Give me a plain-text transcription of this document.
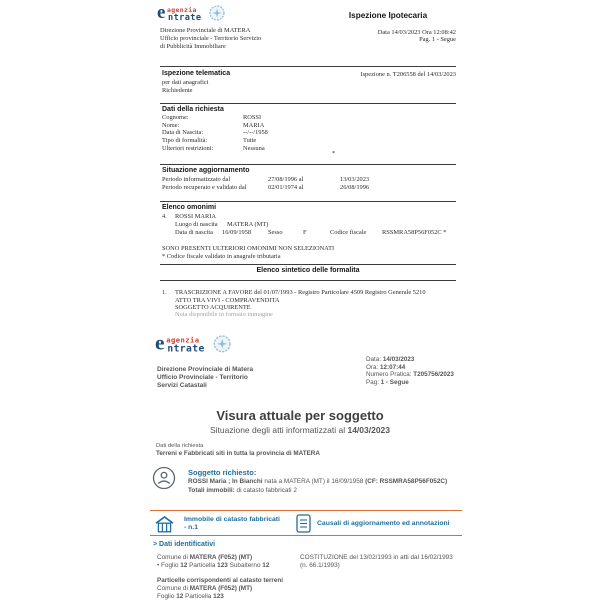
e agenzia
ntrate	Ispezione Ipotecaria
Direzione Provinciale di MATERA
Ufficio provinciale - Territorio Servizio
di Pubblicità Immobiliare
Data 14/03/2023 Ora 12:08:42
Pag. 1 - Segue
Ispezione telematica	Ispezione n. T206558 del 14/03/2023
per dati anagrafici
Richiedente
Dati della richiesta
Cognome:	ROSSI
Nome:	MARIA
Data di Nascita:	--/--/1958
Tipo di formalità:	Tutte
Ulteriori restrizioni:	Nessuna
*
Situazione aggiornamento
Periodo informatizzato dal	27/08/1996 al	13/03/2023
Periodo recuperato e validato dal	02/01/1974 al	26/08/1996
Elenco omonimi
4. ROSSI MARIA
Luogo di nascita MATERA (MT)
Data di nascita 16/09/1958	Sesso	F	Codice fiscale RSSMRA58P56F052C *
SONO PRESENTI ULTERIORI OMONIMI NON SELEZIONATI
* Codice fiscale validato in anagrafe tributaria
Elenco sintetico delle formalita
1. TRASCRIZIONE A FAVORE del 01/07/1993 - Registro Particolare 4509 Registro Generale 5210
ATTO TRA VIVI - COMPRAVENDITA
SOGGETTO ACQUIRENTE
Nota disponibile in formato immagine
e agenzia
ntrate
Direzione Provinciale di Matera
Ufficio Provinciale - Territorio
Servizi Catastali
Data: 14/03/2023
Ora: 12:07:44
Numero Pratica: T205756/2023
Pag: 1 - Segue
Visura attuale per soggetto
Situazione degli atti informatizzati al 14/03/2023
Dati della richiesta
Terreni e Fabbricati siti in tutta la provincia di MATERA
Soggetto richiesto:
ROSSI Maria ; In Bianchi nata a MATERA (MT) il 16/09/1958 (CF: RSSMRA58P56F052C)
Totali immobili: di catasto fabbricati 2
Immobile di catasto fabbricati - n.1
Causali di aggiornamento ed annotazioni
> Dati identificativi
Comune di MATERA (F052) (MT)
• Foglio 12 Particella 123 Subalterno 12
COSTITUZIONE del 13/02/1993 in atti dal 16/02/1993 (n. 66.1/1993)
Particelle corrispondenti al catasto terreni
Comune di MATERA (F052) (MT)
Foglio 12 Particella 123
